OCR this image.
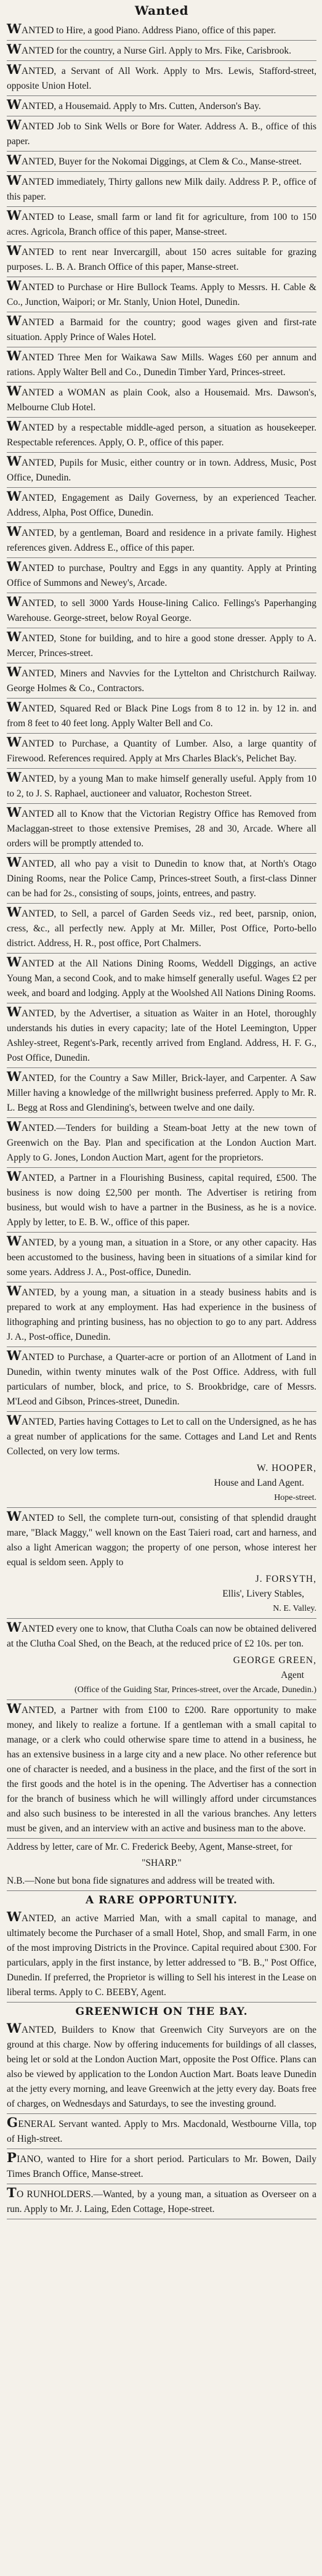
Wanted
WANTED to Hire, a good Piano. Address Piano, office of this paper.
WANTED for the country, a Nurse Girl. Apply to Mrs. Fike, Carisbrook.
WANTED, a Servant of All Work. Apply to Mrs. Lewis, Stafford-street, opposite Union Hotel.
WANTED, a Housemaid. Apply to Mrs. Cutten, Anderson's Bay.
WANTED Job to Sink Wells or Bore for Water. Address A. B., office of this paper.
WANTED, Buyer for the Nokomai Diggings, at Clem & Co., Manse-street.
WANTED immediately, Thirty gallons new Milk daily. Address P. P., office of this paper.
WANTED to Lease, small farm or land fit for agriculture, from 100 to 150 acres. Agricola, Branch office of this paper, Manse-street.
WANTED to rent near Invercargill, about 150 acres suitable for grazing purposes. L. B. A. Branch Office of this paper, Manse-street.
WANTED to Purchase or Hire Bullock Teams. Apply to Messrs. H. Cable & Co., Junction, Waipori; or Mr. Stanly, Union Hotel, Dunedin.
WANTED a Barmaid for the country; good wages given and first-rate situation. Apply Prince of Wales Hotel.
WANTED Three Men for Waikawa Saw Mills. Wages £60 per annum and rations. Apply Walter Bell and Co., Dunedin Timber Yard, Princes-street.
WANTED a WOMAN as plain Cook, also a Housemaid. Mrs. Dawson's, Melbourne Club Hotel.
WANTED by a respectable middle-aged person, a situation as housekeeper. Respectable references. Apply, O. P., office of this paper.
WANTED, Pupils for Music, either country or in town. Address, Music, Post Office, Dunedin.
WANTED, Engagement as Daily Governess, by an experienced Teacher. Address, Alpha, Post Office, Dunedin.
WANTED, by a gentleman, Board and residence in a private family. Highest references given. Address E., office of this paper.
WANTED to purchase, Poultry and Eggs in any quantity. Apply at Printing Office of Summons and Newey's, Arcade.
WANTED, to sell 3000 Yards House-lining Calico. Fellings's Paperhanging Warehouse. George-street, below Royal George.
WANTED, Stone for building, and to hire a good stone dresser. Apply to A. Mercer, Princes-street.
WANTED, Miners and Navvies for the Lyttelton and Christchurch Railway. George Holmes & Co., Contractors.
WANTED, Squared Red or Black Pine Logs from 8 to 12 in. by 12 in. and from 8 feet to 40 feet long. Apply Walter Bell and Co.
WANTED to Purchase, a Quantity of Lumber. Also, a large quantity of Firewood. References required. Apply at Mrs Charles Black's, Pelichet Bay.
WANTED, by a young Man to make himself generally useful. Apply from 10 to 2, to J. S. Raphael, auctioneer and valuator, Rocheston Street.
WANTED all to Know that the Victorian Registry Office has Removed from Maclaggan-street to those extensive Premises, 28 and 30, Arcade. Where all orders will be promptly attended to.
WANTED, all who pay a visit to Dunedin to know that, at North's Otago Dining Rooms, near the Police Camp, Princes-street South, a first-class Dinner can be had for 2s., consisting of soups, joints, entrees, and pastry.
WANTED, to Sell, a parcel of Garden Seeds viz., red beet, parsnip, onion, cress, &c., all perfectly new. Apply at Mr. Miller, Post Office, Porto-bello district. Address, H. R., post office, Port Chalmers.
WANTED at the All Nations Dining Rooms, Weddell Diggings, an active Young Man, a second Cook, and to make himself generally useful. Wages £2 per week, and board and lodging. Apply at the Woolshed All Nations Dining Rooms.
WANTED, by the Advertiser, a situation as Waiter in an Hotel, thoroughly understands his duties in every capacity; late of the Hotel Leemington, Upper Ashley-street, Regent's-Park, recently arrived from England. Address, H. F. G., Post Office, Dunedin.
WANTED, for the Country a Saw Miller, Brick-layer, and Carpenter. A Saw Miller having a knowledge of the millwright business preferred. Apply to Mr. R. L. Begg at Ross and Glendining's, between twelve and one daily.
WANTED.—Tenders for building a Steam-boat Jetty at the new town of Greenwich on the Bay. Plan and specification at the London Auction Mart. Apply to G. Jones, London Auction Mart, agent for the proprietors.
WANTED, a Partner in a Flourishing Business, capital required, £500. The business is now doing £2,500 per month. The Advertiser is retiring from business, but would wish to have a partner in the Business, as he is a novice. Apply by letter, to E. B. W., office of this paper.
WANTED, by a young man, a situation in a Store, or any other capacity. Has been accustomed to the business, having been in situations of a similar kind for some years. Address J. A., Post-office, Dunedin.
WANTED, by a young man, a situation in a steady business habits and is prepared to work at any employment. Has had experience in the business of lithographing and printing business, has no objection to go to any part. Address J. A., Post-office, Dunedin.
WANTED to Purchase, a Quarter-acre or portion of an Allotment of Land in Dunedin, within twenty minutes walk of the Post Office. Address, with full particulars of number, block, and price, to S. Brookbridge, care of Messrs. M'Leod and Gibson, Princes-street, Dunedin.
WANTED, Parties having Cottages to Let to call on the Undersigned, as he has a great number of applications for the same. Cottages and Land Let and Rents Collected, on very low terms.

W. HOOPER,

House and Land Agent.

Hope-street.

WANTED to Sell, the complete turn-out, consisting of that splendid draught mare, "Black Maggy," well known on the East Taieri road, cart and harness, and also a light American waggon; the property of one person, whose interest her equal is seldom seen. Apply to

J. FORSYTH,

Ellis', Livery Stables,

N. E. Valley.

WANTED every one to know, that Clutha Coals can now be obtained delivered at the Clutha Coal Shed, on the Beach, at the reduced price of £2 10s. per ton.

GEORGE GREEN,

Agent

(Office of the Guiding Star, Princes-street, over the Arcade, Dunedin.)

WANTED, a Partner with from £100 to £200. Rare opportunity to make money, and likely to realize a fortune. If a gentleman with a small capital to manage, or a clerk who could otherwise spare time to attend in a business, he has an extensive business in a large city and a new place. No other reference but one of character is needed, and a business in the place, and the first of the sort in the first goods and the hotel is in the opening. The Advertiser has a connection for the branch of business which he will willingly afford under circumstances and also such business to be interested in all the various branches. Any letters must be given, and an interview with an active and business man to the above.
Address by letter, care of Mr. C. Frederick Beeby, Agent, Manse-street, for

"SHARP."

N.B.—None but bona fide signatures and address will be treated with.
A RARE OPPORTUNITY.
WANTED, an active Married Man, with a small capital to manage, and ultimately become the Purchaser of a small Hotel, Shop, and small Farm, in one of the most improving Districts in the Province. Capital required about £300. For particulars, apply in the first instance, by letter addressed to "B. B.," Post Office, Dunedin. If preferred, the Proprietor is willing to Sell his interest in the Lease on liberal terms. Apply to C. BEEBY, Agent.
GREENWICH ON THE BAY.
WANTED, Builders to Know that Greenwich City Surveyors are on the ground at this charge. Now by offering inducements for buildings of all classes, being let or sold at the London Auction Mart, opposite the Post Office. Plans can also be viewed by application to the London Auction Mart. Boats leave Dunedin at the jetty every morning, and leave Greenwich at the jetty every day. Boats free of charges, on Wednesdays and Saturdays, to see the investing ground.
GENERAL Servant wanted. Apply to Mrs. Macdonald, Westbourne Villa, top of High-street.
PIANO, wanted to Hire for a short period. Particulars to Mr. Bowen, Daily Times Branch Office, Manse-street.
TO RUNHOLDERS.—Wanted, by a young man, a situation as Overseer on a run. Apply to Mr. J. Laing, Eden Cottage, Hope-street.
